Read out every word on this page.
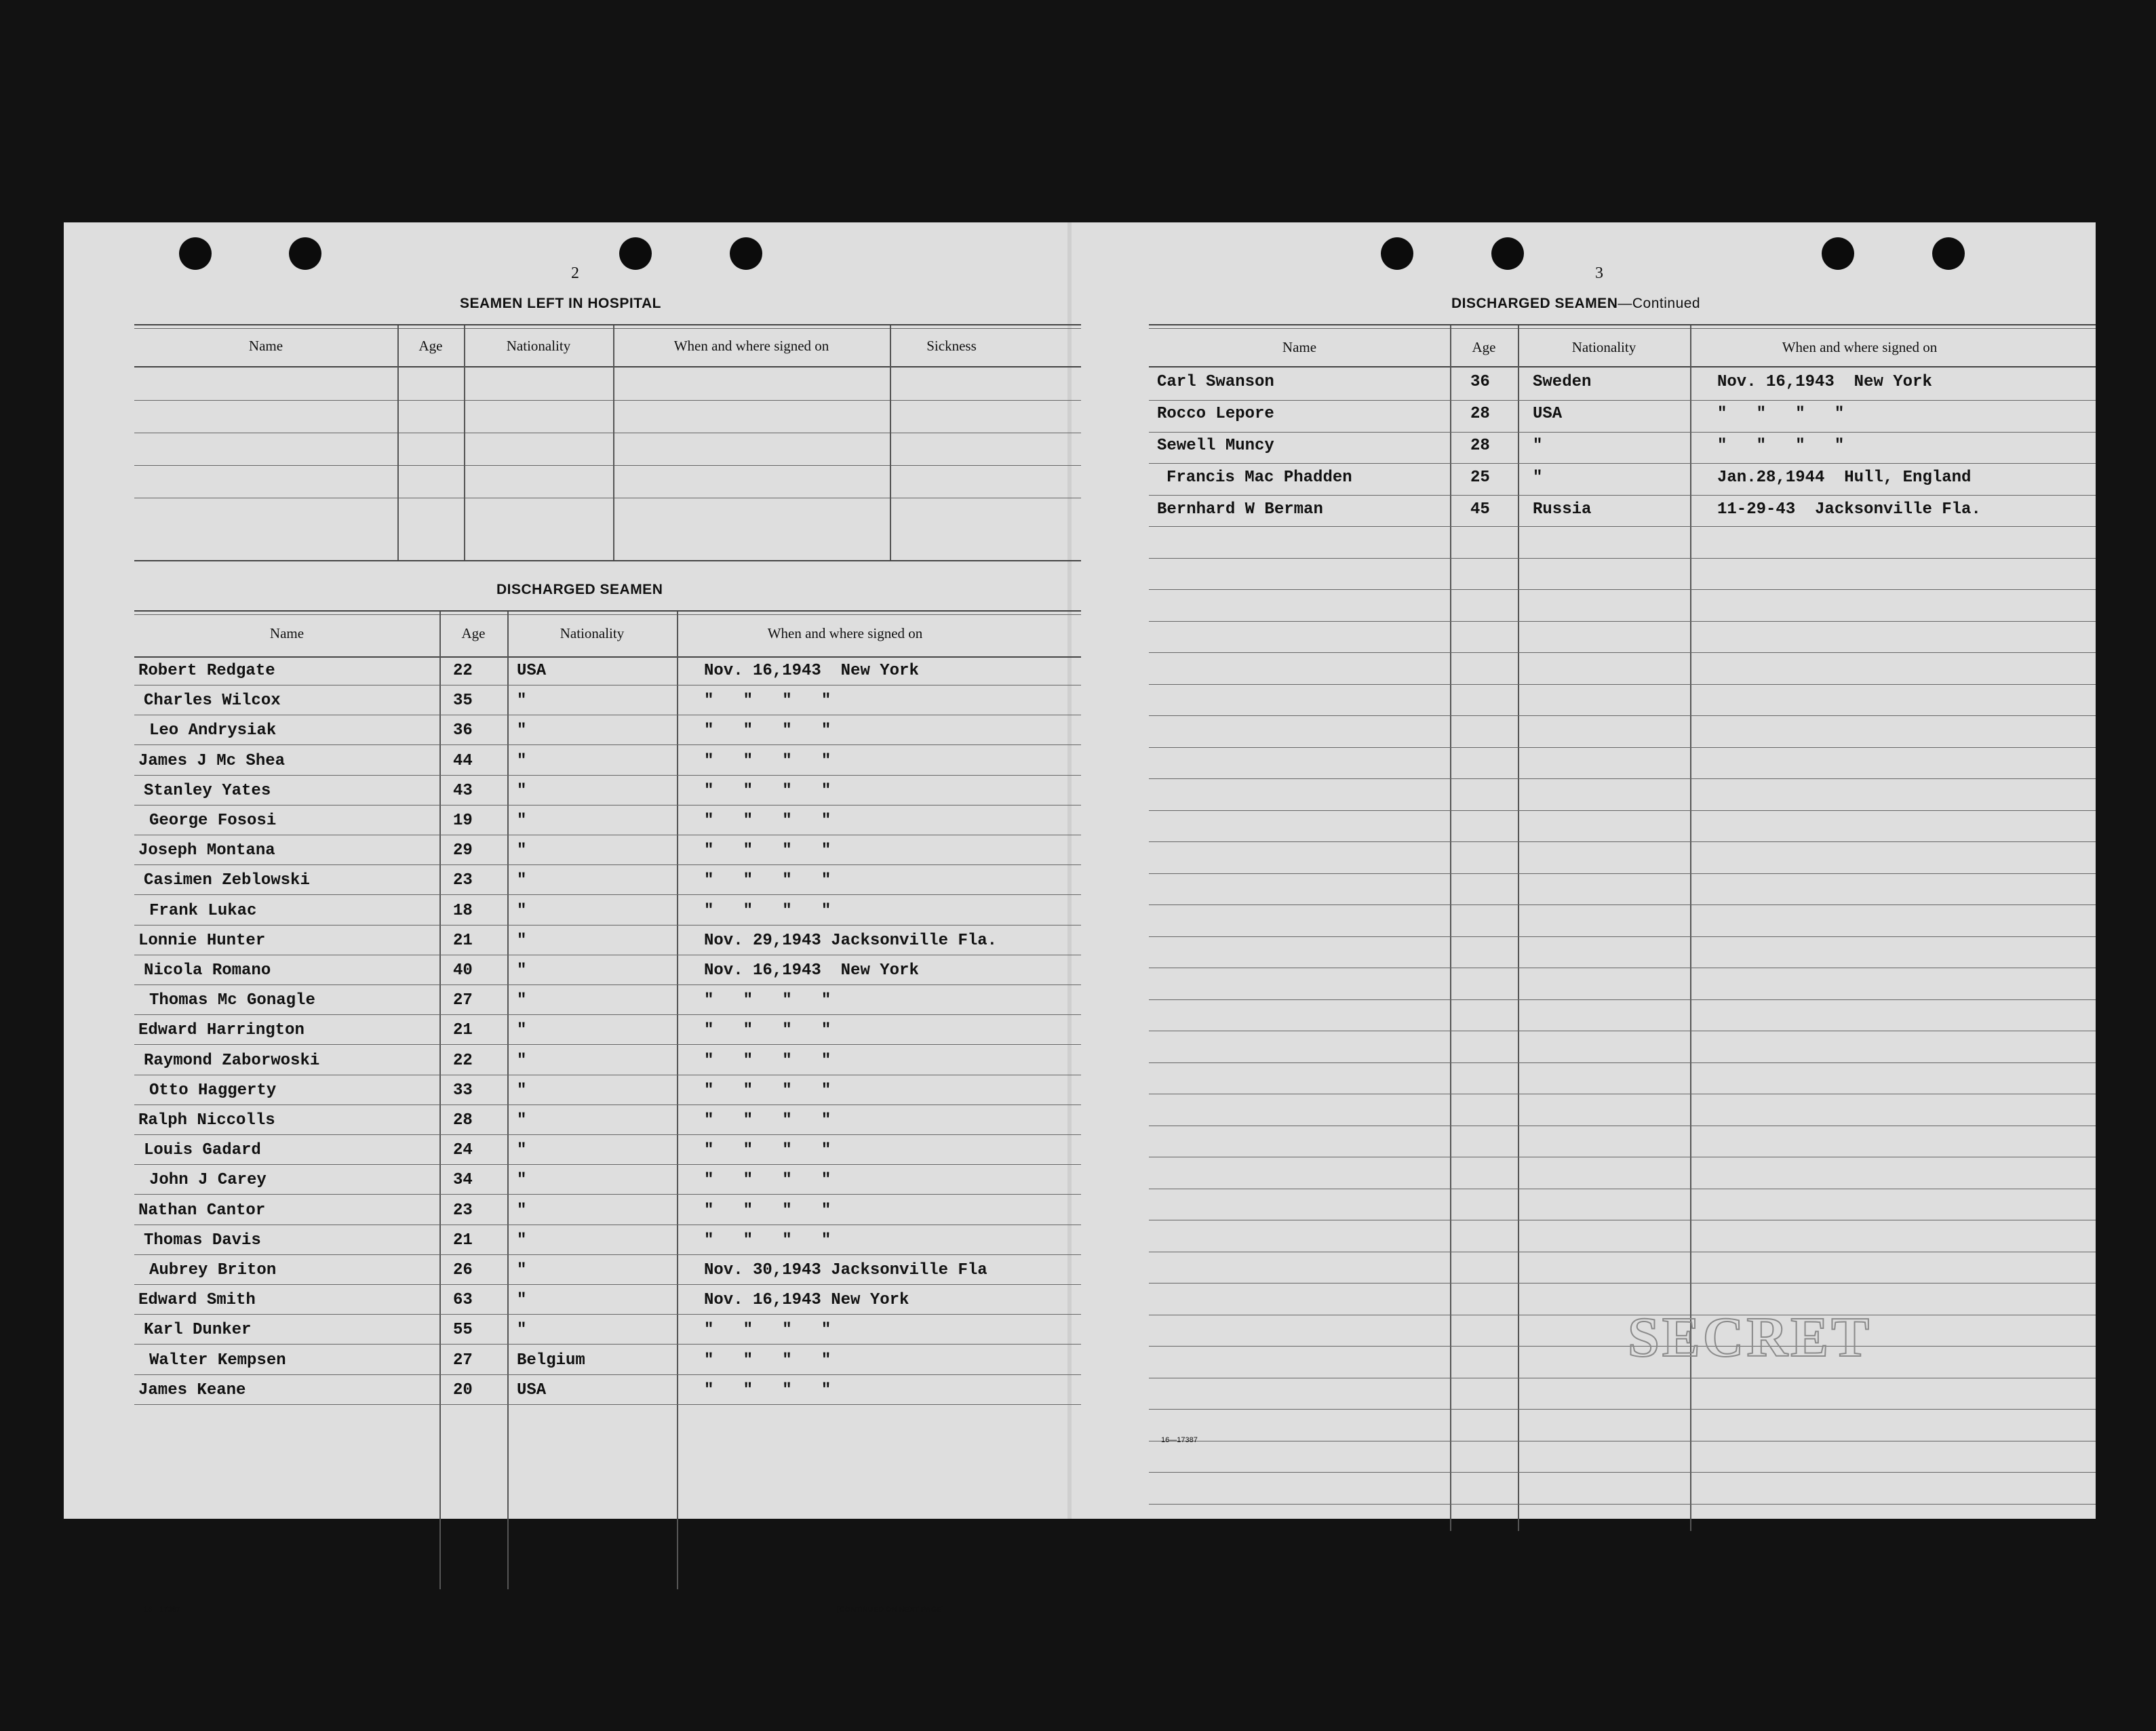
2
SEAMEN LEFT IN HOSPITAL
Name	Age	Nationality	When and where signed on	Sickness
DISCHARGED SEAMEN
Name	Age	Nationality	When and where signed on
Robert Redgate	22	USA	Nov. 16,1943  New York
Charles Wilcox	35	"	"   "   "   "
Leo Andrysiak	36	"	"   "   "   "
James J Mc Shea	44	"	"   "   "   "
Stanley Yates	43	"	"   "   "   "
George Fososi	19	"	"   "   "   "
Joseph Montana	29	"	"   "   "   "
Casimen Zeblowski	23	"	"   "   "   "
Frank Lukac	18	"	"   "   "   "
Lonnie Hunter	21	"	Nov. 29,1943 Jacksonville Fla.
Nicola Romano	40	"	Nov. 16,1943  New York
Thomas Mc Gonagle	27	"	"   "   "   "
Edward Harrington	21	"	"   "   "   "
Raymond Zaborwoski	22	"	"   "   "   "
Otto Haggerty	33	"	"   "   "   "
Ralph Niccolls	28	"	"   "   "   "
Louis Gadard	24	"	"   "   "   "
John J Carey	34	"	"   "   "   "
Nathan Cantor	23	"	"   "   "   "
Thomas Davis	21	"	"   "   "   "
Aubrey Briton	26	"	Nov. 30,1943 Jacksonville Fla
Edward Smith	63	"	Nov. 16,1943 New York
Karl Dunker	55	"	"   "   "   "
Walter Kempsen	27	Belgium	"   "   "   "
James Keane	20	USA	"   "   "   "
16—17387	[CONTINUED ON NEXT PAGE]
3
DISCHARGED SEAMEN—Continued
Name	Age	Nationality	When and where signed on
Carl Swanson	36	Sweden	Nov. 16,1943  New York
Rocco Lepore	28	USA	"   "   "   "
Sewell Muncy	28	"	"   "   "   "
Francis Mac Phadden	25	"	Jan.28,1944  Hull, England
Bernhard W Berman	45	Russia	11-29-43  Jacksonville Fla.
16—17387
SECRET
